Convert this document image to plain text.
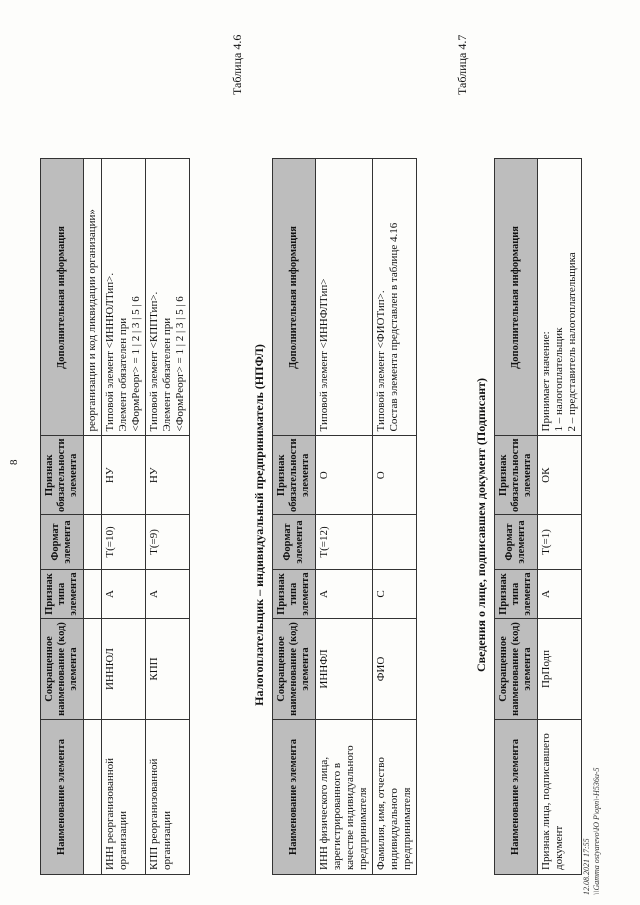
8
Наименование элемента	Сокращенное наименование (код) элемента	Признак типа элемента	Формат элемента	Признак обязательности элемента	Дополнительная информация
					реорганизации и код ликвидации организации»
ИНН реорганизованной организации	ИННЮЛ	А	T(=10)	НУ	Типовой элемент <ИННЮЛТип>. Элемент обязателен при <ФормРеорг> = 1 | 2 | 3 | 5 | 6

КПП реорганизованной организации	КПП	А	T(=9)	НУ	Типовой элемент <КППТип>. Элемент обязателен при <ФормРеорг> = 1 | 2 | 3 | 5 | 6
Таблица 4.6
Налогоплательщик – индивидуальный предприниматель (НПФЛ)
Наименование элемента	Сокращенное наименование (код) элемента	Признак типа элемента	Формат элемента	Признак обязательности элемента	Дополнительная информация
ИНН физического лица, зарегистрированного в качестве индивидуального предпринимателя	ИННФЛ	А	T(=12)	О	Типовой элемент <ИННФЛТип>

Фамилия, имя, отчество индивидуального предпринимателя	ФИО	С		О	Типовой элемент <ФИОТип>. Состав элемента представлен в таблице 4.16
Таблица 4.7
Сведения о лице, подписавшем документ (Подписант)
Наименование элемента	Сокращенное наименование (код) элемента	Признак типа элемента	Формат элемента	Признак обязательности элемента	Дополнительная информация
Признак лица, подписавшего документ	ПрПодп	А	T(=1)	ОК	Принимает значение: 1 – налогоплательщик 2 – представитель налогоплательщика
12.08.2021 17:55 \\Gamma ostyarevo\Ю Р\орп\-Н536и-5
